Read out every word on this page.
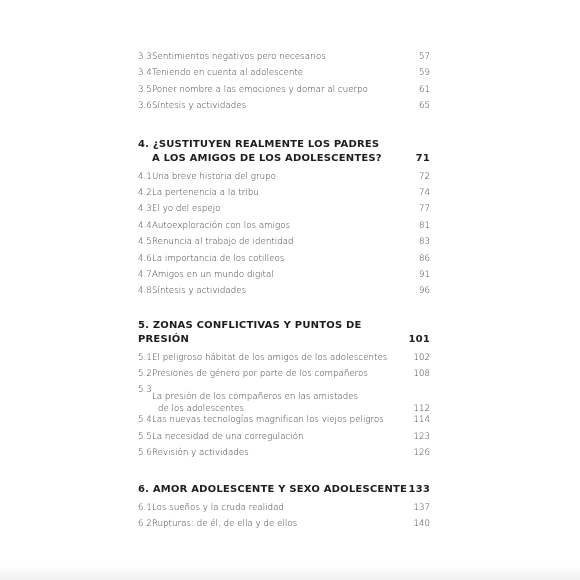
3.3 Sentimientos negativos pero necesarios	57
3.4 Teniendo en cuenta al adolescente	59
3.5 Poner nombre a las emociones y domar al cuerpo	61
3.6 Síntesis y actividades	65
4. ¿SUSTITUYEN REALMENTE LOS PADRES
A LOS AMIGOS DE LOS ADOLESCENTES?	71
4.1 Una breve historia del grupo	72
4.2 La pertenencia a la tribu	74
4.3 El yo del espejo	77
4.4 Autoexploración con los amigos	81
4.5 Renuncia al trabajo de identidad	83
4.6 La importancia de los cotilleos	86
4.7 Amigos en un mundo digital	91
4.8 Síntesis y actividades	96
5. ZONAS CONFLICTIVAS Y PUNTOS DE PRESIÓN	101
5.1 El peligroso hábitat de los amigos de los adolescentes	102
5.2 Presiones de género por parte de los compañeros	108
5.3
La presión de los compañeros en las amistades
de los adolescentes	112
5.4 Las nuevas tecnologías magnifican los viejos peligros	114
5.5 La necesidad de una corregulación	123
5.6 Revisión y actividades	126
6. AMOR ADOLESCENTE Y SEXO ADOLESCENTE 133
6.1 Los sueños y la cruda realidad	137
6.2 Rupturas: de él, de ella y de ellos	140
